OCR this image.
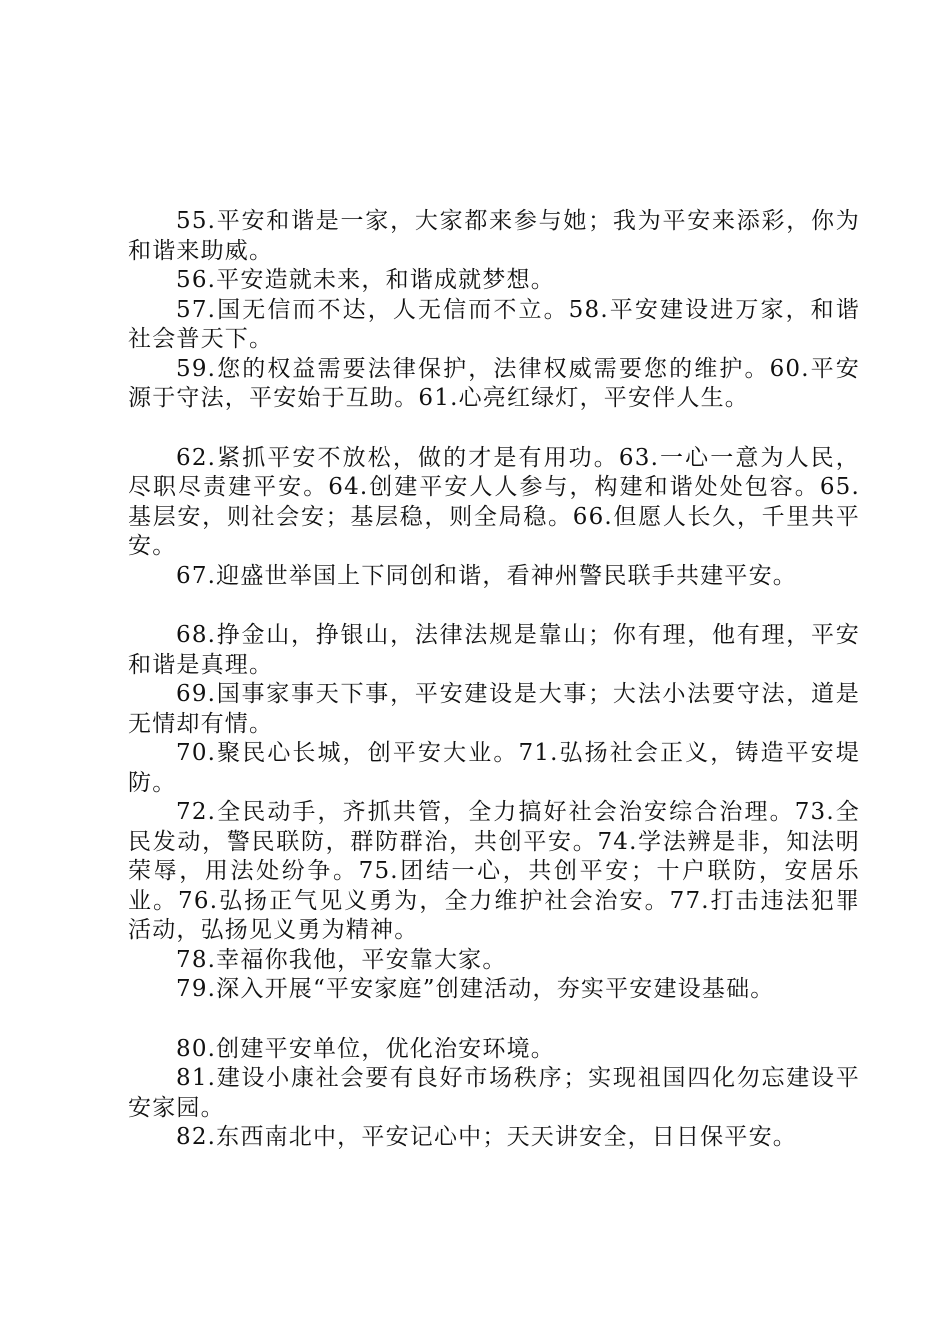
55.平安和谐是一家，大家都来参与她；我为平安来添彩，你为和谐来助威。

56.平安造就未来，和谐成就梦想。

57.国无信而不达，人无信而不立。58.平安建设进万家，和谐社会普天下。

59.您的权益需要法律保护，法律权威需要您的维护。60.平安源于守法，平安始于互助。61.心亮红绿灯，平安伴人生。

62.紧抓平安不放松，做的才是有用功。63.一心一意为人民，尽职尽责建平安。64.创建平安人人参与，构建和谐处处包容。65.基层安，则社会安；基层稳，则全局稳。66.但愿人长久，千里共平安。

67.迎盛世举国上下同创和谐，看神州警民联手共建平安。

68.挣金山，挣银山，法律法规是靠山；你有理，他有理，平安和谐是真理。

69.国事家事天下事，平安建设是大事；大法小法要守法，道是无情却有情。

70.聚民心长城，创平安大业。71.弘扬社会正义，铸造平安堤防。

72.全民动手，齐抓共管，全力搞好社会治安综合治理。73.全民发动，警民联防，群防群治，共创平安。74.学法辨是非，知法明荣辱，用法处纷争。75.团结一心，共创平安；十户联防，安居乐业。76.弘扬正气见义勇为，全力维护社会治安。77.打击违法犯罪活动，弘扬见义勇为精神。

78.幸福你我他，平安靠大家。

79.深入开展“平安家庭”创建活动，夯实平安建设基础。

80.创建平安单位，优化治安环境。

81.建设小康社会要有良好市场秩序；实现祖国四化勿忘建设平安家园。

82.东西南北中，平安记心中；天天讲安全，日日保平安。
